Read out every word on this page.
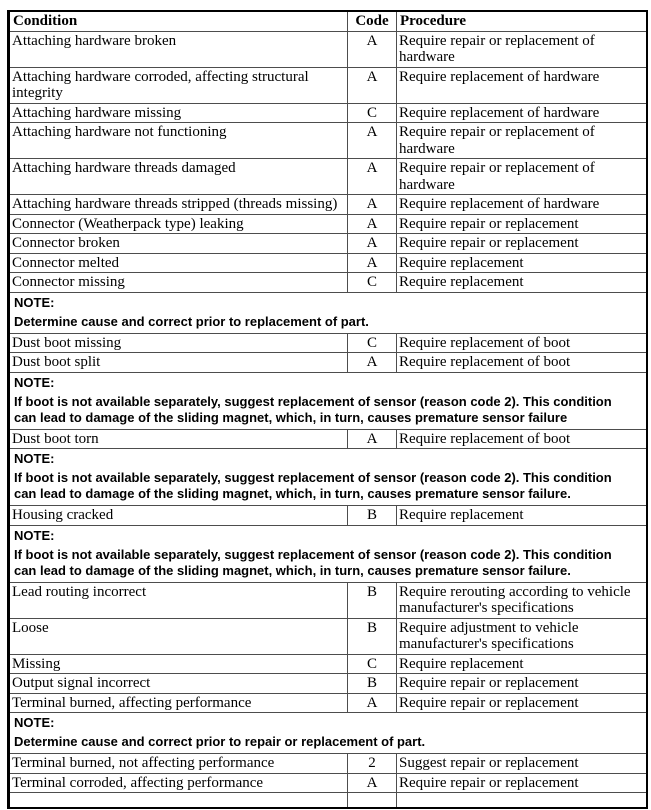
Condition	Code	Procedure
Attaching hardware broken	A	Require repair or replacement of hardware
Attaching hardware corroded, affecting structural integrity	A	Require replacement of hardware
Attaching hardware missing	C	Require replacement of hardware
Attaching hardware not functioning	A	Require repair or replacement of hardware
Attaching hardware threads damaged	A	Require repair or replacement of hardware
Attaching hardware threads stripped (threads missing)	A	Require replacement of hardware
Connector (Weatherpack type) leaking	A	Require repair or replacement
Connector broken	A	Require repair or replacement
Connector melted	A	Require replacement
Connector missing	C	Require replacement

NOTE:
Determine cause and correct prior to replacement of part.		

Dust boot missing	C	Require replacement of boot
Dust boot split	A	Require replacement of boot

NOTE:
If boot is not available separately, suggest replacement of sensor (reason code 2). This condition
can lead to damage of the sliding magnet, which, in turn, causes premature sensor failure		

Dust boot torn	A	Require replacement of boot

NOTE:
If boot is not available separately, suggest replacement of sensor (reason code 2). This condition
can lead to damage of the sliding magnet, which, in turn, causes premature sensor failure.		

Housing cracked	B	Require replacement

NOTE:
If boot is not available separately, suggest replacement of sensor (reason code 2). This condition
can lead to damage of the sliding magnet, which, in turn, causes premature sensor failure.		

Lead routing incorrect	B	Require rerouting according to vehicle manufacturer's specifications
Loose	B	Require adjustment to vehicle manufacturer's specifications
Missing	C	Require replacement
Output signal incorrect	B	Require repair or replacement
Terminal burned, affecting performance	A	Require repair or replacement

NOTE:
Determine cause and correct prior to repair or replacement of part.		

Terminal burned, not affecting performance	2	Suggest repair or replacement
Terminal corroded, affecting performance	A	Require repair or replacement
